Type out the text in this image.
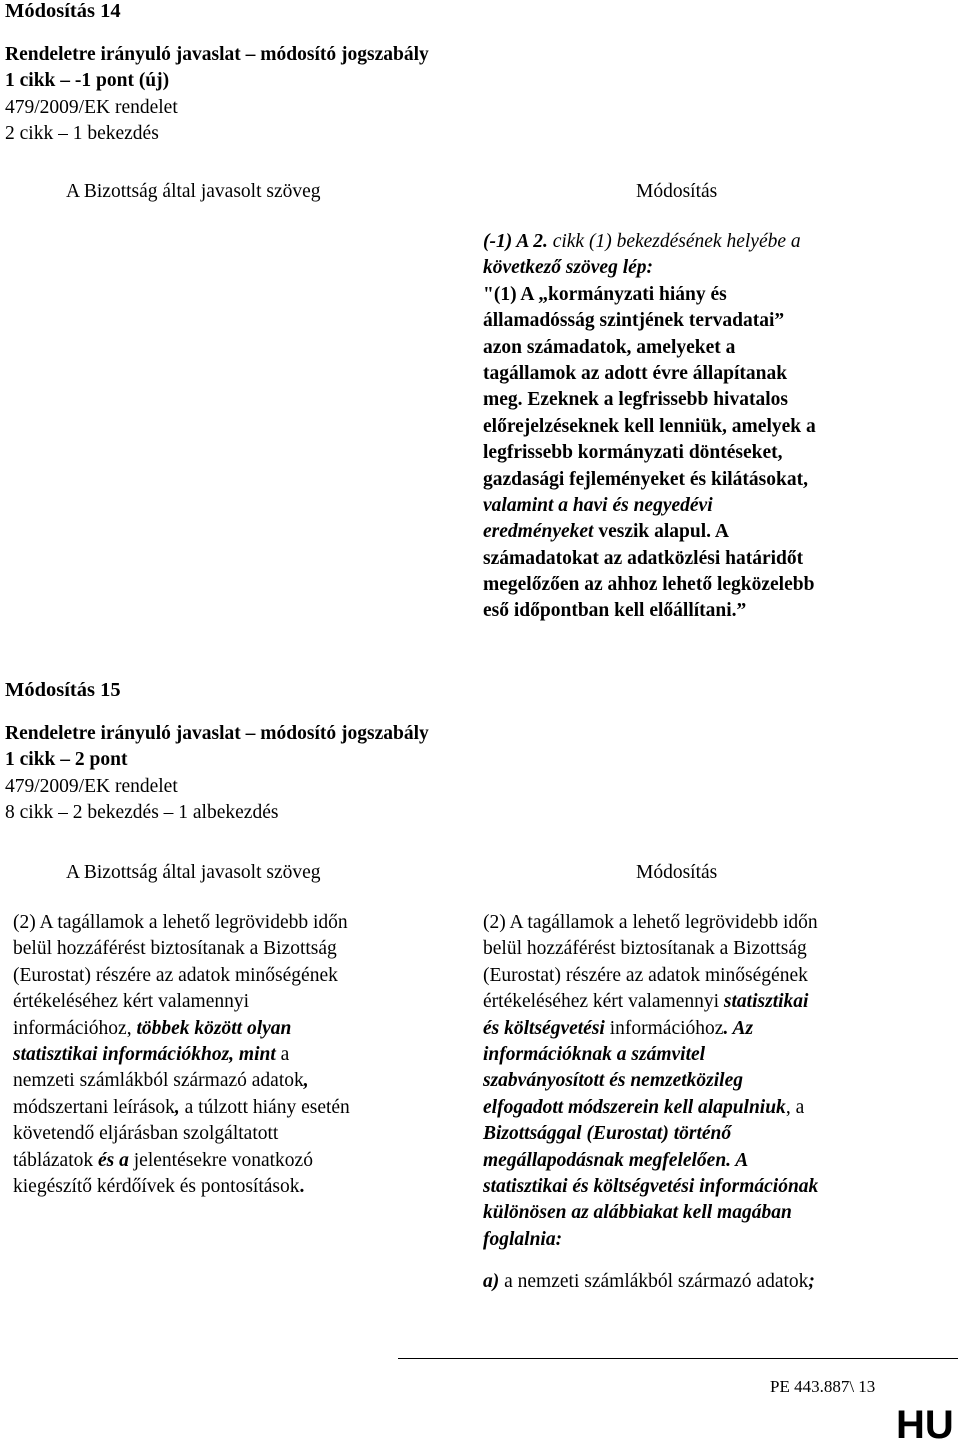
Módosítás 14
Rendeletre irányuló javaslat – módosító jogszabály
1 cikk – -1 pont (új)
479/2009/EK rendelet
2 cikk – 1 bekezdés
A Bizottság által javasolt szöveg	Módosítás
(-1) A 2. cikk (1) bekezdésének helyébe a
következő szöveg lép:
"(1) A „kormányzati hiány és
államadósság szintjének tervadatai”
azon számadatok, amelyeket a
tagállamok az adott évre állapítanak
meg. Ezeknek a legfrissebb hivatalos
előrejelzéseknek kell lenniük, amelyek a
legfrissebb kormányzati döntéseket,
gazdasági fejleményeket és kilátásokat,
valamint a havi és negyedévi
eredményeket veszik alapul. A
számadatokat az adatközlési határidőt
megelőzően az ahhoz lehető legközelebb
eső időpontban kell előállítani.”
Módosítás 15
Rendeletre irányuló javaslat – módosító jogszabály
1 cikk – 2 pont
479/2009/EK rendelet
8 cikk – 2 bekezdés – 1 albekezdés
A Bizottság által javasolt szöveg	Módosítás
(2) A tagállamok a lehető legrövidebb időn
belül hozzáférést biztosítanak a Bizottság
(Eurostat) részére az adatok minőségének
értékeléséhez kért valamennyi
információhoz, többek között olyan
statisztikai információkhoz, mint a
nemzeti számlákból származó adatok,
módszertani leírások, a túlzott hiány esetén
követendő eljárásban szolgáltatott
táblázatok és a jelentésekre vonatkozó
kiegészítő kérdőívek és pontosítások.
(2) A tagállamok a lehető legrövidebb időn
belül hozzáférést biztosítanak a Bizottság
(Eurostat) részére az adatok minőségének
értékeléséhez kért valamennyi statisztikai
és költségvetési információhoz. Az
információknak a számvitel
szabványosított és nemzetközileg
elfogadott módszerein kell alapulniuk, a
Bizottsággal (Eurostat) történő
megállapodásnak megfelelően. A
statisztikai és költségvetési információnak
különösen az alábbiakat kell magában
foglalnia:
a) a nemzeti számlákból származó adatok;
PE 443.887\ 13
HU
